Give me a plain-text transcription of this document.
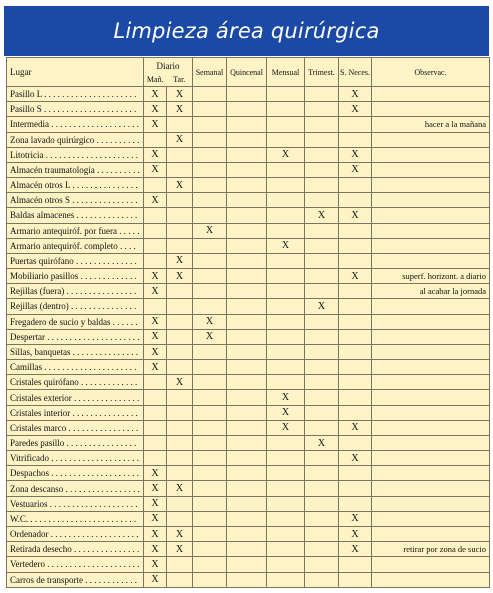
Limpieza área quirúrgica
Lugar	Diario		Semanal	Quincenal	Mensual	Trimest.	S. Neces.	Observac.
	Mañ.	Tar.						
Pasillo L . . . . . . . . . . . . . . . . . . . . .	X	X					X	
Pasillo S . . . . . . . . . . . . . . . . . . . . .	X	X					X	
Intermedia . . . . . . . . . . . . . . . . . . . .	X							hacer a la mañana
Zona lavado quirúrgico . . . . . . . . . .		X						
Litotricia . . . . . . . . . . . . . . . . . . . . .	X				X		X	
Almacén traumatología . . . . . . . . . .	X						X	
Almacén otros L . . . . . . . . . . . . . . .		X						
Almacén otros S . . . . . . . . . . . . . . .	X							
Baldas almacenes . . . . . . . . . . . . . .						X	X	
Armario antequiróf. por fuera . . . . .			X					
Armario antequiróf. completo . . . .					X			
Puertas quirófano . . . . . . . . . . . . . .		X						
Mobiliario pasillos . . . . . . . . . . . . .	X	X					X	superf. horizont. a diario
Rejillas (fuera) . . . . . . . . . . . . . . . .	X							al acabar la jornada
Rejillas (dentro) . . . . . . . . . . . . . . .						X		
Fregadero de sucio y baldas . . . . . .	X		X					
Despertar . . . . . . . . . . . . . . . . . . . . .	X		X					
Sillas, banquetas . . . . . . . . . . . . . . .	X							
Camillas . . . . . . . . . . . . . . . . . . . . .	X							
Cristales quirófano . . . . . . . . . . . . .		X						
Cristales exterior . . . . . . . . . . . . . . .					X			
Cristales interior . . . . . . . . . . . . . . .					X			
Cristales marco . . . . . . . . . . . . . . . .					X		X	
Paredes pasillo . . . . . . . . . . . . . . . .						X		
Vitrificado . . . . . . . . . . . . . . . . . . . .							X	
Despachos . . . . . . . . . . . . . . . . . . . .	X							
Zona descanso . . . . . . . . . . . . . . . . .	X	X						
Vestuarios . . . . . . . . . . . . . . . . . . . .	X							
W.C. . . . . . . . . . . . . . . . . . . . . . . . .	X						X	
Ordenador . . . . . . . . . . . . . . . . . . . .	X	X					X	
Retirada desecho . . . . . . . . . . . . . . .	X	X					X	retirar por zona de sucio
Vertedero . . . . . . . . . . . . . . . . . . . . .	X							
Carros de transporte . . . . . . . . . . . .	X							
